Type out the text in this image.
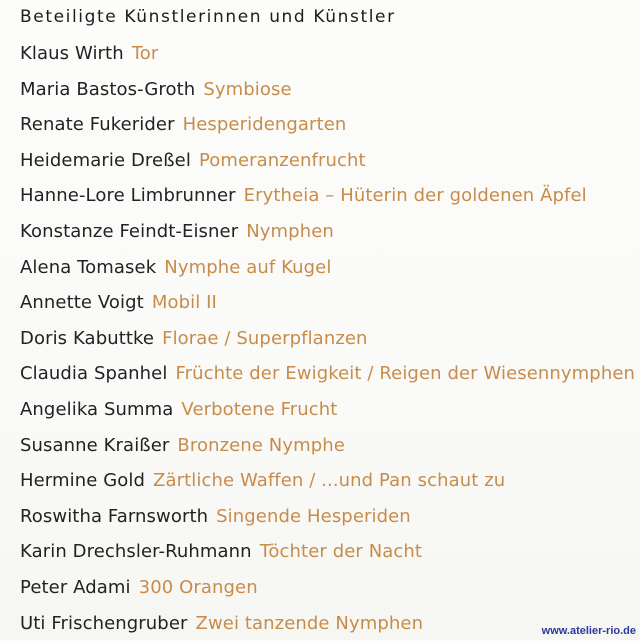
Beteiligte Künstlerinnen und Künstler
Klaus Wirth Tor
Maria Bastos-Groth Symbiose
Renate Fukerider Hesperidengarten
Heidemarie Dreßel Pomeranzenfrucht
Hanne-Lore Limbrunner Erytheia – Hüterin der goldenen Äpfel
Konstanze Feindt-Eisner Nymphen
Alena Tomasek Nymphe auf Kugel
Annette Voigt Mobil II
Doris Kabuttke Florae / Superpflanzen
Claudia Spanhel Früchte der Ewigkeit / Reigen der Wiesennymphen
Angelika Summa Verbotene Frucht
Susanne Kraißer Bronzene Nymphe
Hermine Gold Zärtliche Waffen / ...und Pan schaut zu
Roswitha Farnsworth Singende Hesperiden
Karin Drechsler-Ruhmann Töchter der Nacht
Peter Adami 300 Orangen
Uti Frischengruber Zwei tanzende Nymphen	www.atelier-rio.de
